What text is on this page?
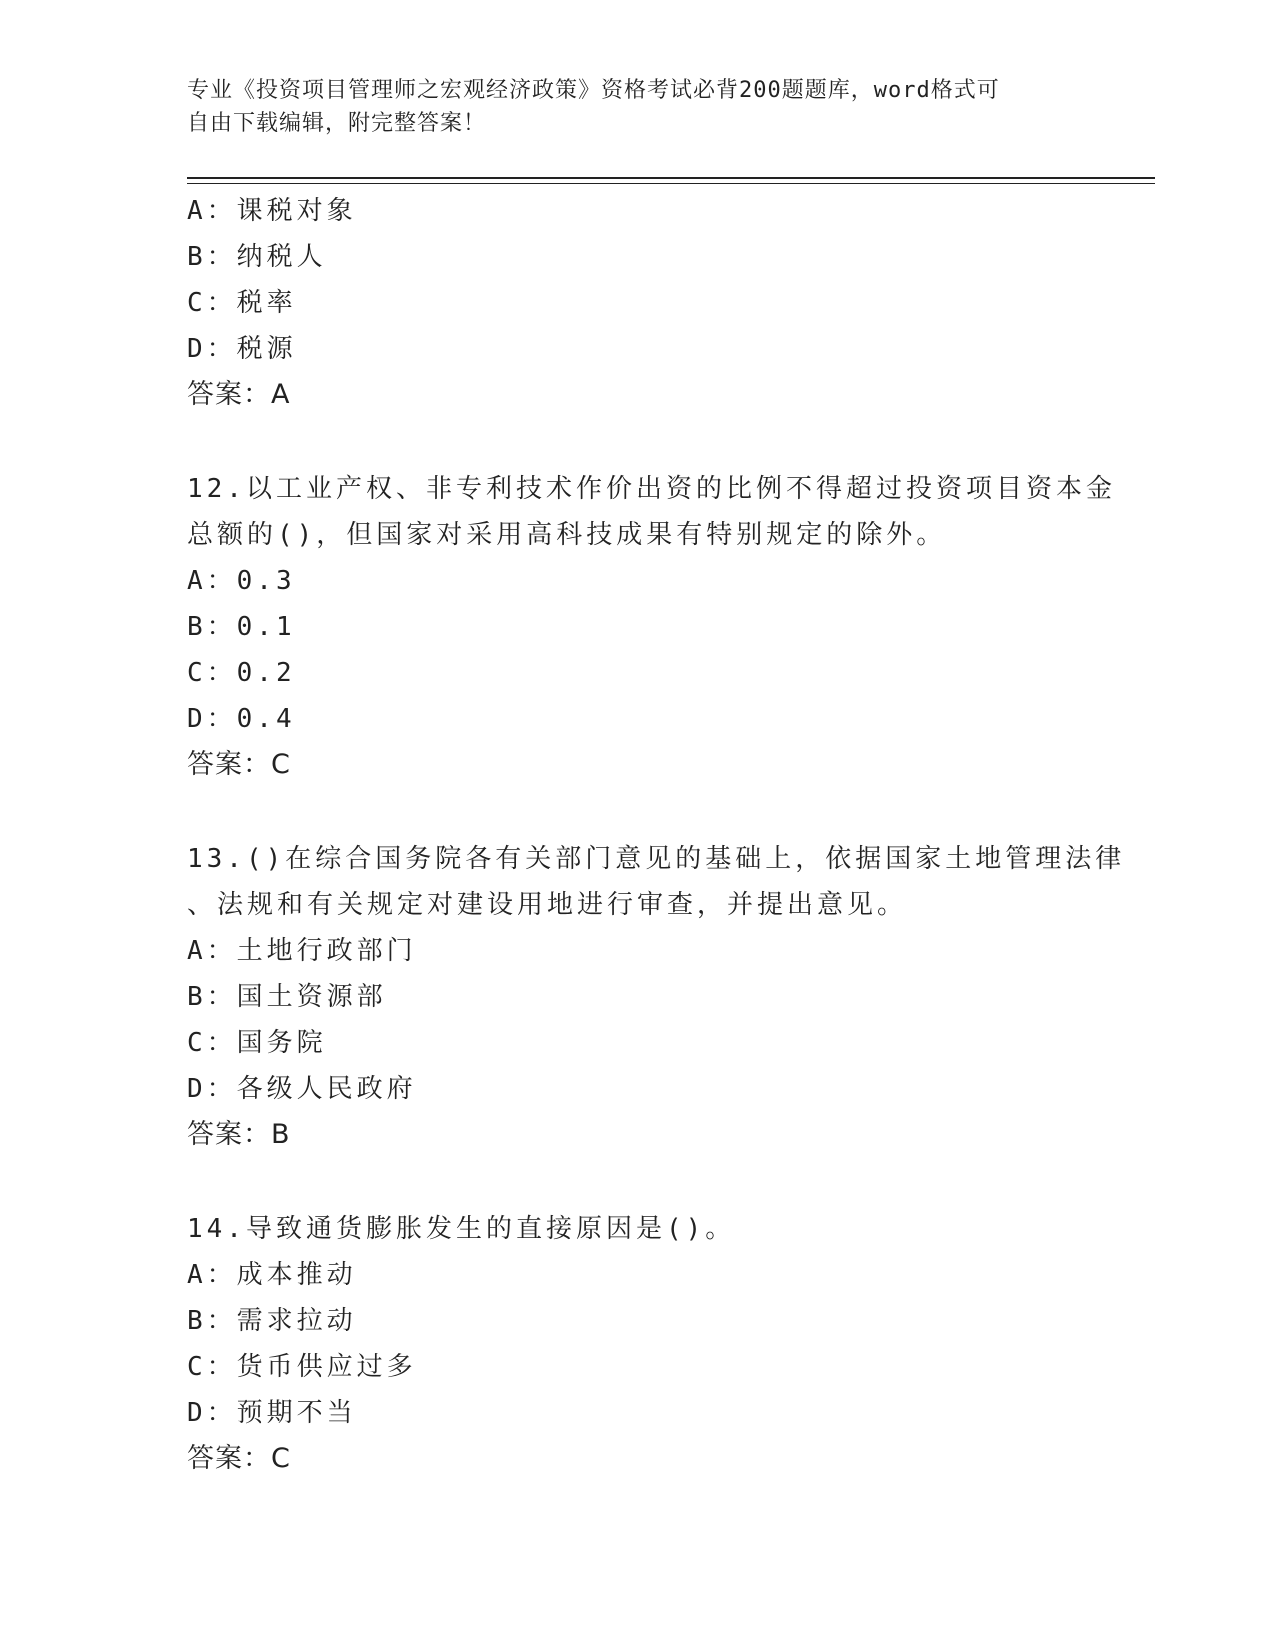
专业《投资项目管理师之宏观经济政策》资格考试必背200题题库，word格式可
自由下载编辑，附完整答案！
A：课税对象
B：纳税人
C：税率
D：税源
答案：A
12.以工业产权、非专利技术作价出资的比例不得超过投资项目资本金
总额的()，但国家对采用高科技成果有特别规定的除外。
A：0.3
B：0.1
C：0.2
D：0.4
答案：C
13.()在综合国务院各有关部门意见的基础上，依据国家土地管理法律
、法规和有关规定对建设用地进行审查，并提出意见。
A：土地行政部门
B：国土资源部
C：国务院
D：各级人民政府
答案：B
14.导致通货膨胀发生的直接原因是()。
A：成本推动
B：需求拉动
C：货币供应过多
D：预期不当
答案：C
